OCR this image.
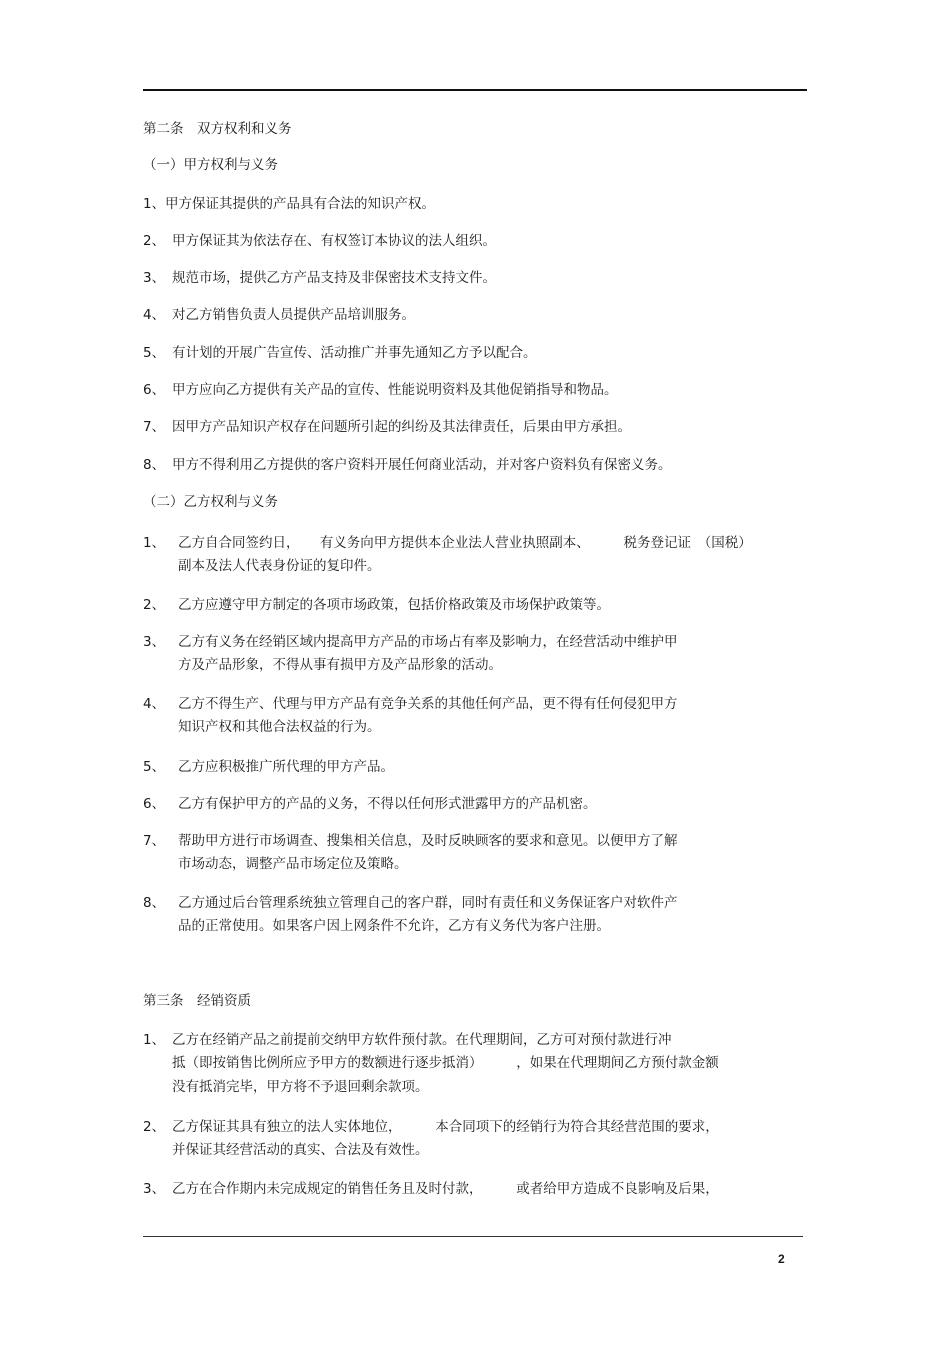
第二条　双方权利和义务
（一）甲方权利与义务
1、 甲方保证其提供的产品具有合法的知识产权。
2、 甲方保证其为依法存在、有权签订本协议的法人组织。
3、 规范市场，提供乙方产品支持及非保密技术支持文件。
4、 对乙方销售负责人员提供产品培训服务。
5、 有计划的开展广告宣传、活动推广并事先通知乙方予以配合。
6、 甲方应向乙方提供有关产品的宣传、性能说明资料及其他促销指导和物品。
7、 因甲方产品知识产权存在问题所引起的纠纷及其法律责任，后果由甲方承担。
8、 甲方不得利用乙方提供的客户资料开展任何商业活动，并对客户资料负有保密义务。
（二）乙方权利与义务
1、 乙方自合同签约日，　　有义务向甲方提供本企业法人营业执照副本、　　　税务登记证　（国税）
副本及法人代表身份证的复印件。
2、 乙方应遵守甲方制定的各项市场政策，包括价格政策及市场保护政策等。
3、 乙方有义务在经销区域内提高甲方产品的市场占有率及影响力，在经营活动中维护甲
方及产品形象，不得从事有损甲方及产品形象的活动。
4、 乙方不得生产、代理与甲方产品有竞争关系的其他任何产品，更不得有任何侵犯甲方
知识产权和其他合法权益的行为。
5、 乙方应积极推广所代理的甲方产品。
6、 乙方有保护甲方的产品的义务，不得以任何形式泄露甲方的产品机密。
7、 帮助甲方进行市场调查、搜集相关信息，及时反映顾客的要求和意见。以便甲方了解
市场动态，调整产品市场定位及策略。
8、 乙方通过后台管理系统独立管理自己的客户群，同时有责任和义务保证客户对软件产
品的正常使用。如果客户因上网条件不允许，乙方有义务代为客户注册。
第三条　经销资质
1、 乙方在经销产品之前提前交纳甲方软件预付款。在代理期间，乙方可对预付款进行冲
抵（即按销售比例所应予甲方的数额进行逐步抵消）　　　，如果在代理期间乙方预付款金额
没有抵消完毕，甲方将不予退回剩余款项。
2、 乙方保证其具有独立的法人实体地位，　　　本合同项下的经销行为符合其经营范围的要求，
并保证其经营活动的真实、合法及有效性。
3、 乙方在合作期内未完成规定的销售任务且及时付款，　　　或者给甲方造成不良影响及后果，
2
